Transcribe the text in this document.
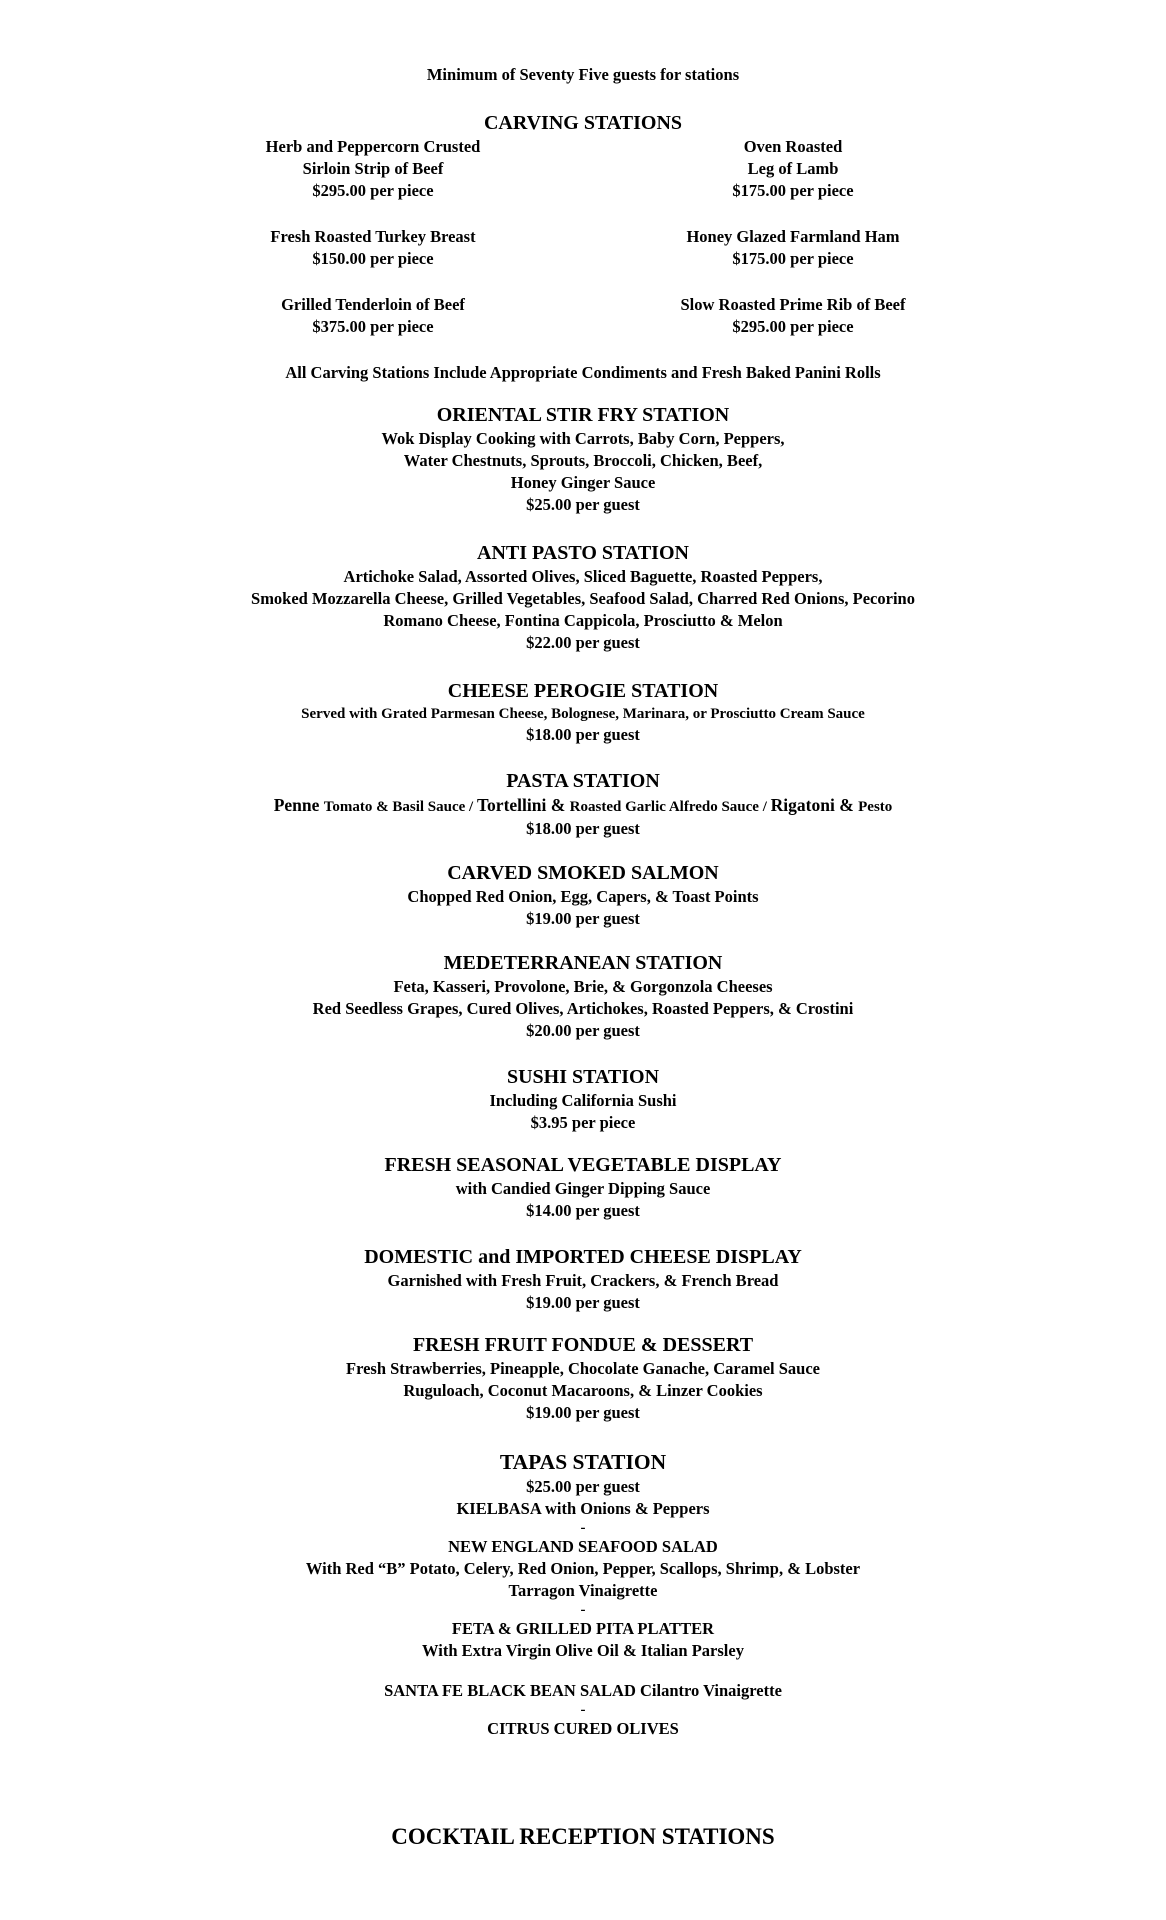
Minimum of Seventy Five guests for stations
CARVING STATIONS
Herb and Peppercorn Crusted
Sirloin Strip of Beef
$295.00 per piece
Oven Roasted
Leg of Lamb
$175.00 per piece
Fresh Roasted Turkey Breast
$150.00 per piece
Honey Glazed Farmland Ham
$175.00 per piece
Grilled Tenderloin of Beef
$375.00 per piece
Slow Roasted Prime Rib of Beef
$295.00 per piece
All Carving Stations Include Appropriate Condiments and Fresh Baked Panini Rolls
ORIENTAL STIR FRY STATION
Wok Display Cooking with Carrots, Baby Corn, Peppers,
Water Chestnuts, Sprouts, Broccoli, Chicken, Beef,
Honey Ginger Sauce
$25.00 per guest
ANTI PASTO STATION
Artichoke Salad, Assorted Olives, Sliced Baguette, Roasted Peppers,
Smoked Mozzarella Cheese, Grilled Vegetables, Seafood Salad, Charred Red Onions, Pecorino
Romano Cheese, Fontina Cappicola, Prosciutto & Melon
$22.00 per guest
CHEESE PEROGIE STATION
Served with Grated Parmesan Cheese, Bolognese, Marinara, or Prosciutto Cream Sauce
$18.00 per guest
PASTA STATION
Penne Tomato & Basil Sauce / Tortellini & Roasted Garlic Alfredo Sauce / Rigatoni & Pesto
$18.00 per guest
CARVED SMOKED SALMON
Chopped Red Onion, Egg, Capers, & Toast Points
$19.00 per guest
MEDETERRANEAN STATION
Feta, Kasseri, Provolone, Brie, & Gorgonzola Cheeses
Red Seedless Grapes, Cured Olives, Artichokes, Roasted Peppers, & Crostini
$20.00 per guest
SUSHI STATION
Including California Sushi
$3.95 per piece
FRESH SEASONAL VEGETABLE DISPLAY
with Candied Ginger Dipping Sauce
$14.00 per guest
DOMESTIC and IMPORTED CHEESE DISPLAY
Garnished with Fresh Fruit, Crackers, & French Bread
$19.00 per guest
FRESH FRUIT FONDUE & DESSERT
Fresh Strawberries, Pineapple, Chocolate Ganache, Caramel Sauce
Ruguloach, Coconut Macaroons, & Linzer Cookies
$19.00 per guest
TAPAS STATION
$25.00 per guest
KIELBASA with Onions & Peppers
-
NEW ENGLAND SEAFOOD SALAD
With Red “B” Potato, Celery, Red Onion, Pepper, Scallops, Shrimp, & Lobster
Tarragon Vinaigrette
-
FETA & GRILLED PITA PLATTER
With Extra Virgin Olive Oil & Italian Parsley
SANTA FE BLACK BEAN SALAD Cilantro Vinaigrette
-
CITRUS CURED OLIVES
COCKTAIL RECEPTION STATIONS
